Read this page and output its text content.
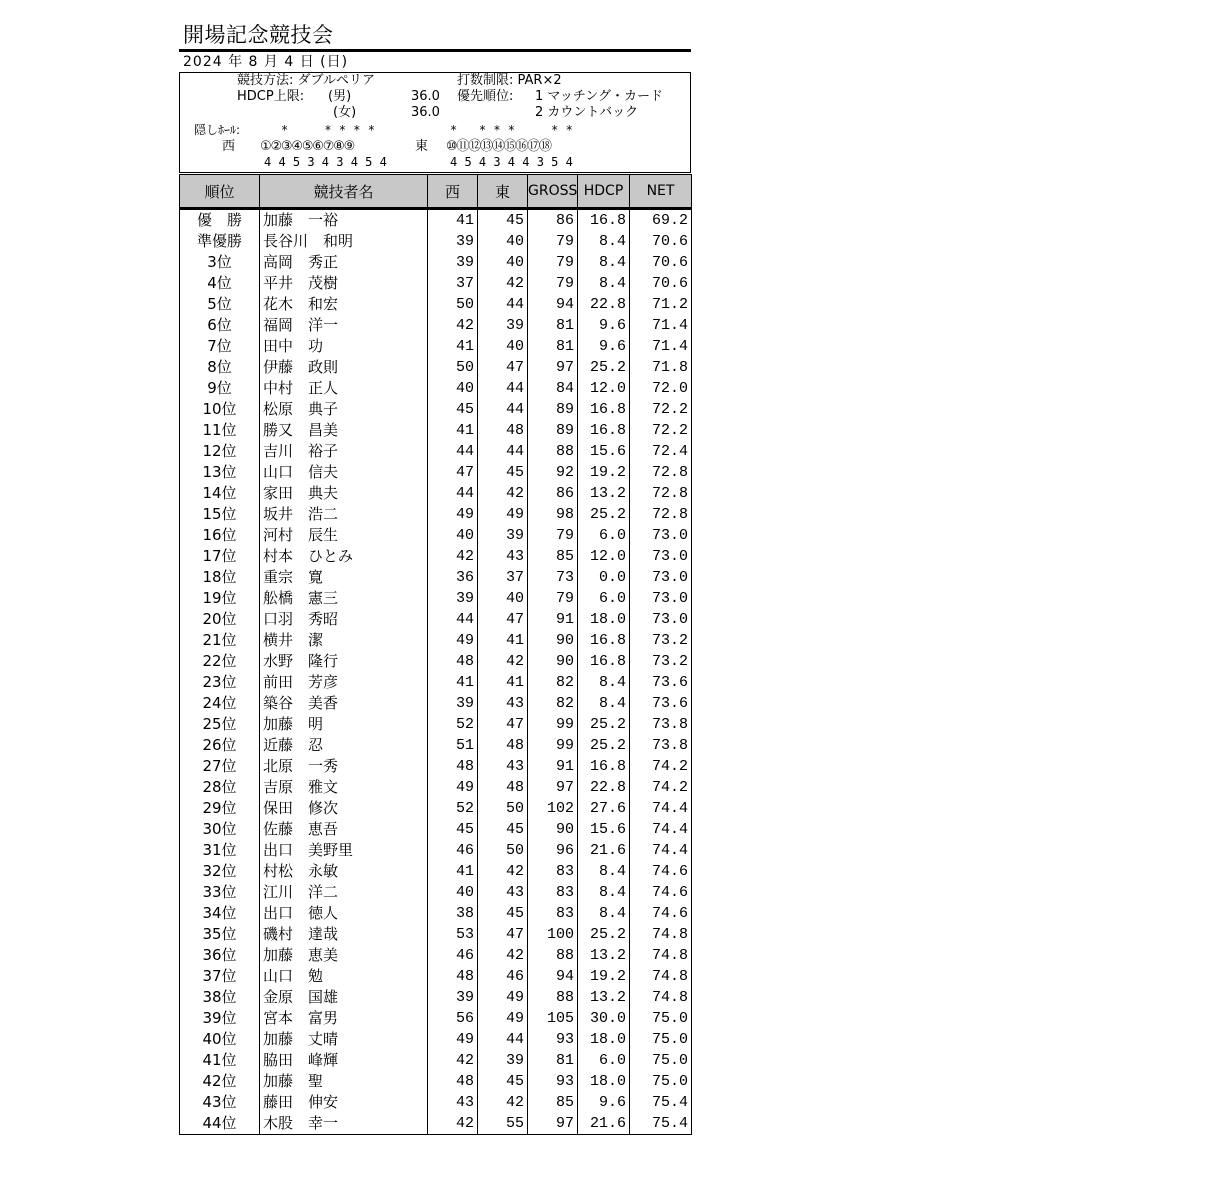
開場記念競技会
2024 年 8 月 4 日 (日)
競技方法: ダブルペリア	打数制限: PAR×2
HDCP上限: (男)	36.0 優先順位: 1 マッチング・カード
(女)	36.0	2 カウントバック
隠しﾎｰﾙ:	*     * * * *	*   * * *     * *
西 ①②③④⑤⑥⑦⑧⑨	東 ⑩⑪⑫⑬⑭⑮⑯⑰⑱
4 4 5 3 4 3 4 5 4	4 5 4 3 4 4 3 5 4
順位	競技者名	西	東	GROSS	HDCP	NET
優　勝	加藤　一裕	41	45	86	16.8	69.2
準優勝	長谷川　和明	39	40	79	8.4	70.6
3位	高岡　秀正	39	40	79	8.4	70.6
4位	平井　茂樹	37	42	79	8.4	70.6
5位	花木　和宏	50	44	94	22.8	71.2
6位	福岡　洋一	42	39	81	9.6	71.4
7位	田中　功	41	40	81	9.6	71.4
8位	伊藤　政則	50	47	97	25.2	71.8
9位	中村　正人	40	44	84	12.0	72.0
10位	松原　典子	45	44	89	16.8	72.2
11位	勝又　昌美	41	48	89	16.8	72.2
12位	吉川　裕子	44	44	88	15.6	72.4
13位	山口　信夫	47	45	92	19.2	72.8
14位	家田　典夫	44	42	86	13.2	72.8
15位	坂井　浩二	49	49	98	25.2	72.8
16位	河村　辰生	40	39	79	6.0	73.0
17位	村本　ひとみ	42	43	85	12.0	73.0
18位	重宗　寛	36	37	73	0.0	73.0
19位	舩橋　憲三	39	40	79	6.0	73.0
20位	口羽　秀昭	44	47	91	18.0	73.0
21位	横井　潔	49	41	90	16.8	73.2
22位	水野　隆行	48	42	90	16.8	73.2
23位	前田　芳彦	41	41	82	8.4	73.6
24位	築谷　美香	39	43	82	8.4	73.6
25位	加藤　明	52	47	99	25.2	73.8
26位	近藤　忍	51	48	99	25.2	73.8
27位	北原　一秀	48	43	91	16.8	74.2
28位	吉原　雅文	49	48	97	22.8	74.2
29位	保田　修次	52	50	102	27.6	74.4
30位	佐藤　恵吾	45	45	90	15.6	74.4
31位	出口　美野里	46	50	96	21.6	74.4
32位	村松　永敏	41	42	83	8.4	74.6
33位	江川　洋二	40	43	83	8.4	74.6
34位	出口　徳人	38	45	83	8.4	74.6
35位	磯村　達哉	53	47	100	25.2	74.8
36位	加藤　恵美	46	42	88	13.2	74.8
37位	山口　勉	48	46	94	19.2	74.8
38位	金原　国雄	39	49	88	13.2	74.8
39位	宮本　富男	56	49	105	30.0	75.0
40位	加藤　丈晴	49	44	93	18.0	75.0
41位	脇田　峰輝	42	39	81	6.0	75.0
42位	加藤　聖	48	45	93	18.0	75.0
43位	藤田　伸安	43	42	85	9.6	75.4
44位	木股　幸一	42	55	97	21.6	75.4
